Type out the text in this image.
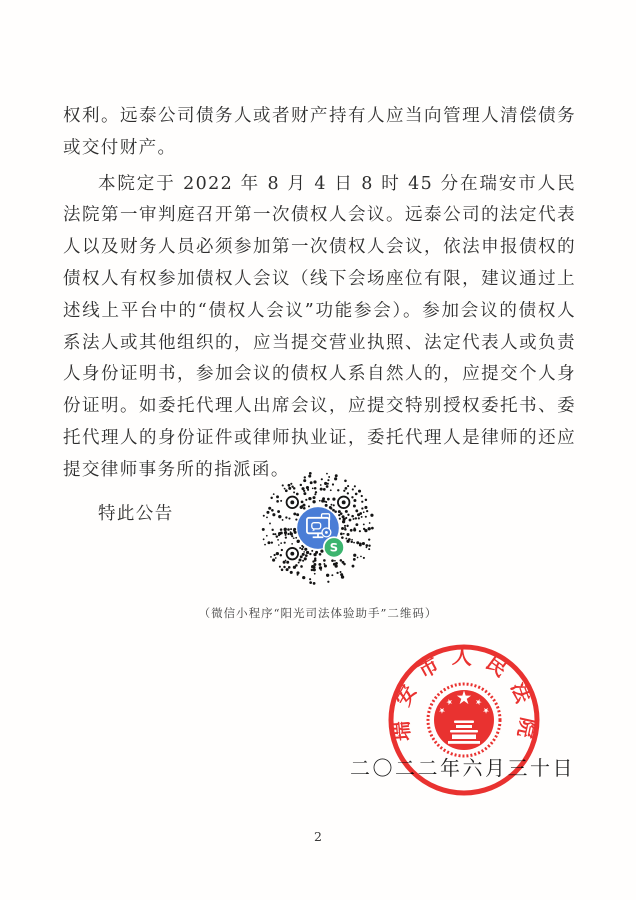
权利。远泰公司债务人或者财产持有人应当向管理人清偿债务或交付财产。

本院定于 2022 年 8 月 4 日 8 时 45 分在瑞安市人民法院第一审判庭召开第一次债权人会议。远泰公司的法定代表人以及财务人员必须参加第一次债权人会议，依法申报债权的债权人有权参加债权人会议（线下会场座位有限，建议通过上述线上平台中的“债权人会议”功能参会）。参加会议的债权人系法人或其他组织的，应当提交营业执照、法定代表人或负责人身份证明书，参加会议的债权人系自然人的，应提交个人身份证明。如委托代理人出席会议，应提交特别授权委托书、委托代理人的身份证件或律师执业证，委托代理人是律师的还应提交律师事务所的指派函。

特此公告

S
（微信小程序“阳光司法体验助手”二维码）
二〇二二年六月三十日
瑞安市人民法院
2
